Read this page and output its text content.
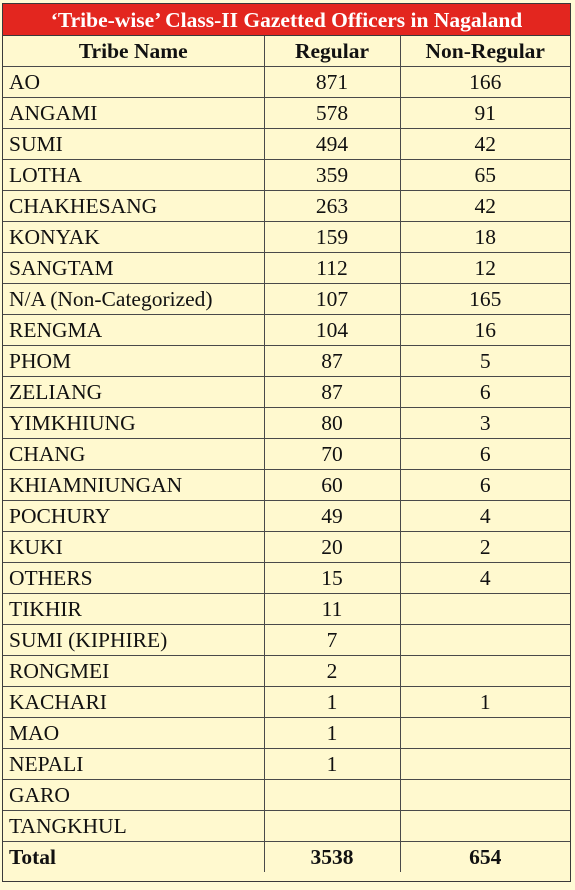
‘Tribe-wise’ Class-II Gazetted Officers in Nagaland
Tribe Name	Regular	Non-Regular
AO	871	166
ANGAMI	578	91
SUMI	494	42
LOTHA	359	65
CHAKHESANG	263	42
KONYAK	159	18
SANGTAM	112	12
N/A (Non-Categorized)	107	165
RENGMA	104	16
PHOM	87	5
ZELIANG	87	6
YIMKHIUNG	80	3
CHANG	70	6
KHIAMNIUNGAN	60	6
POCHURY	49	4
KUKI	20	2
OTHERS	15	4
TIKHIR	11	
SUMI (KIPHIRE)	7	
RONGMEI	2	
KACHARI	1	1
MAO	1	
NEPALI	1	
GARO		
TANGKHUL		
Total	3538	654
